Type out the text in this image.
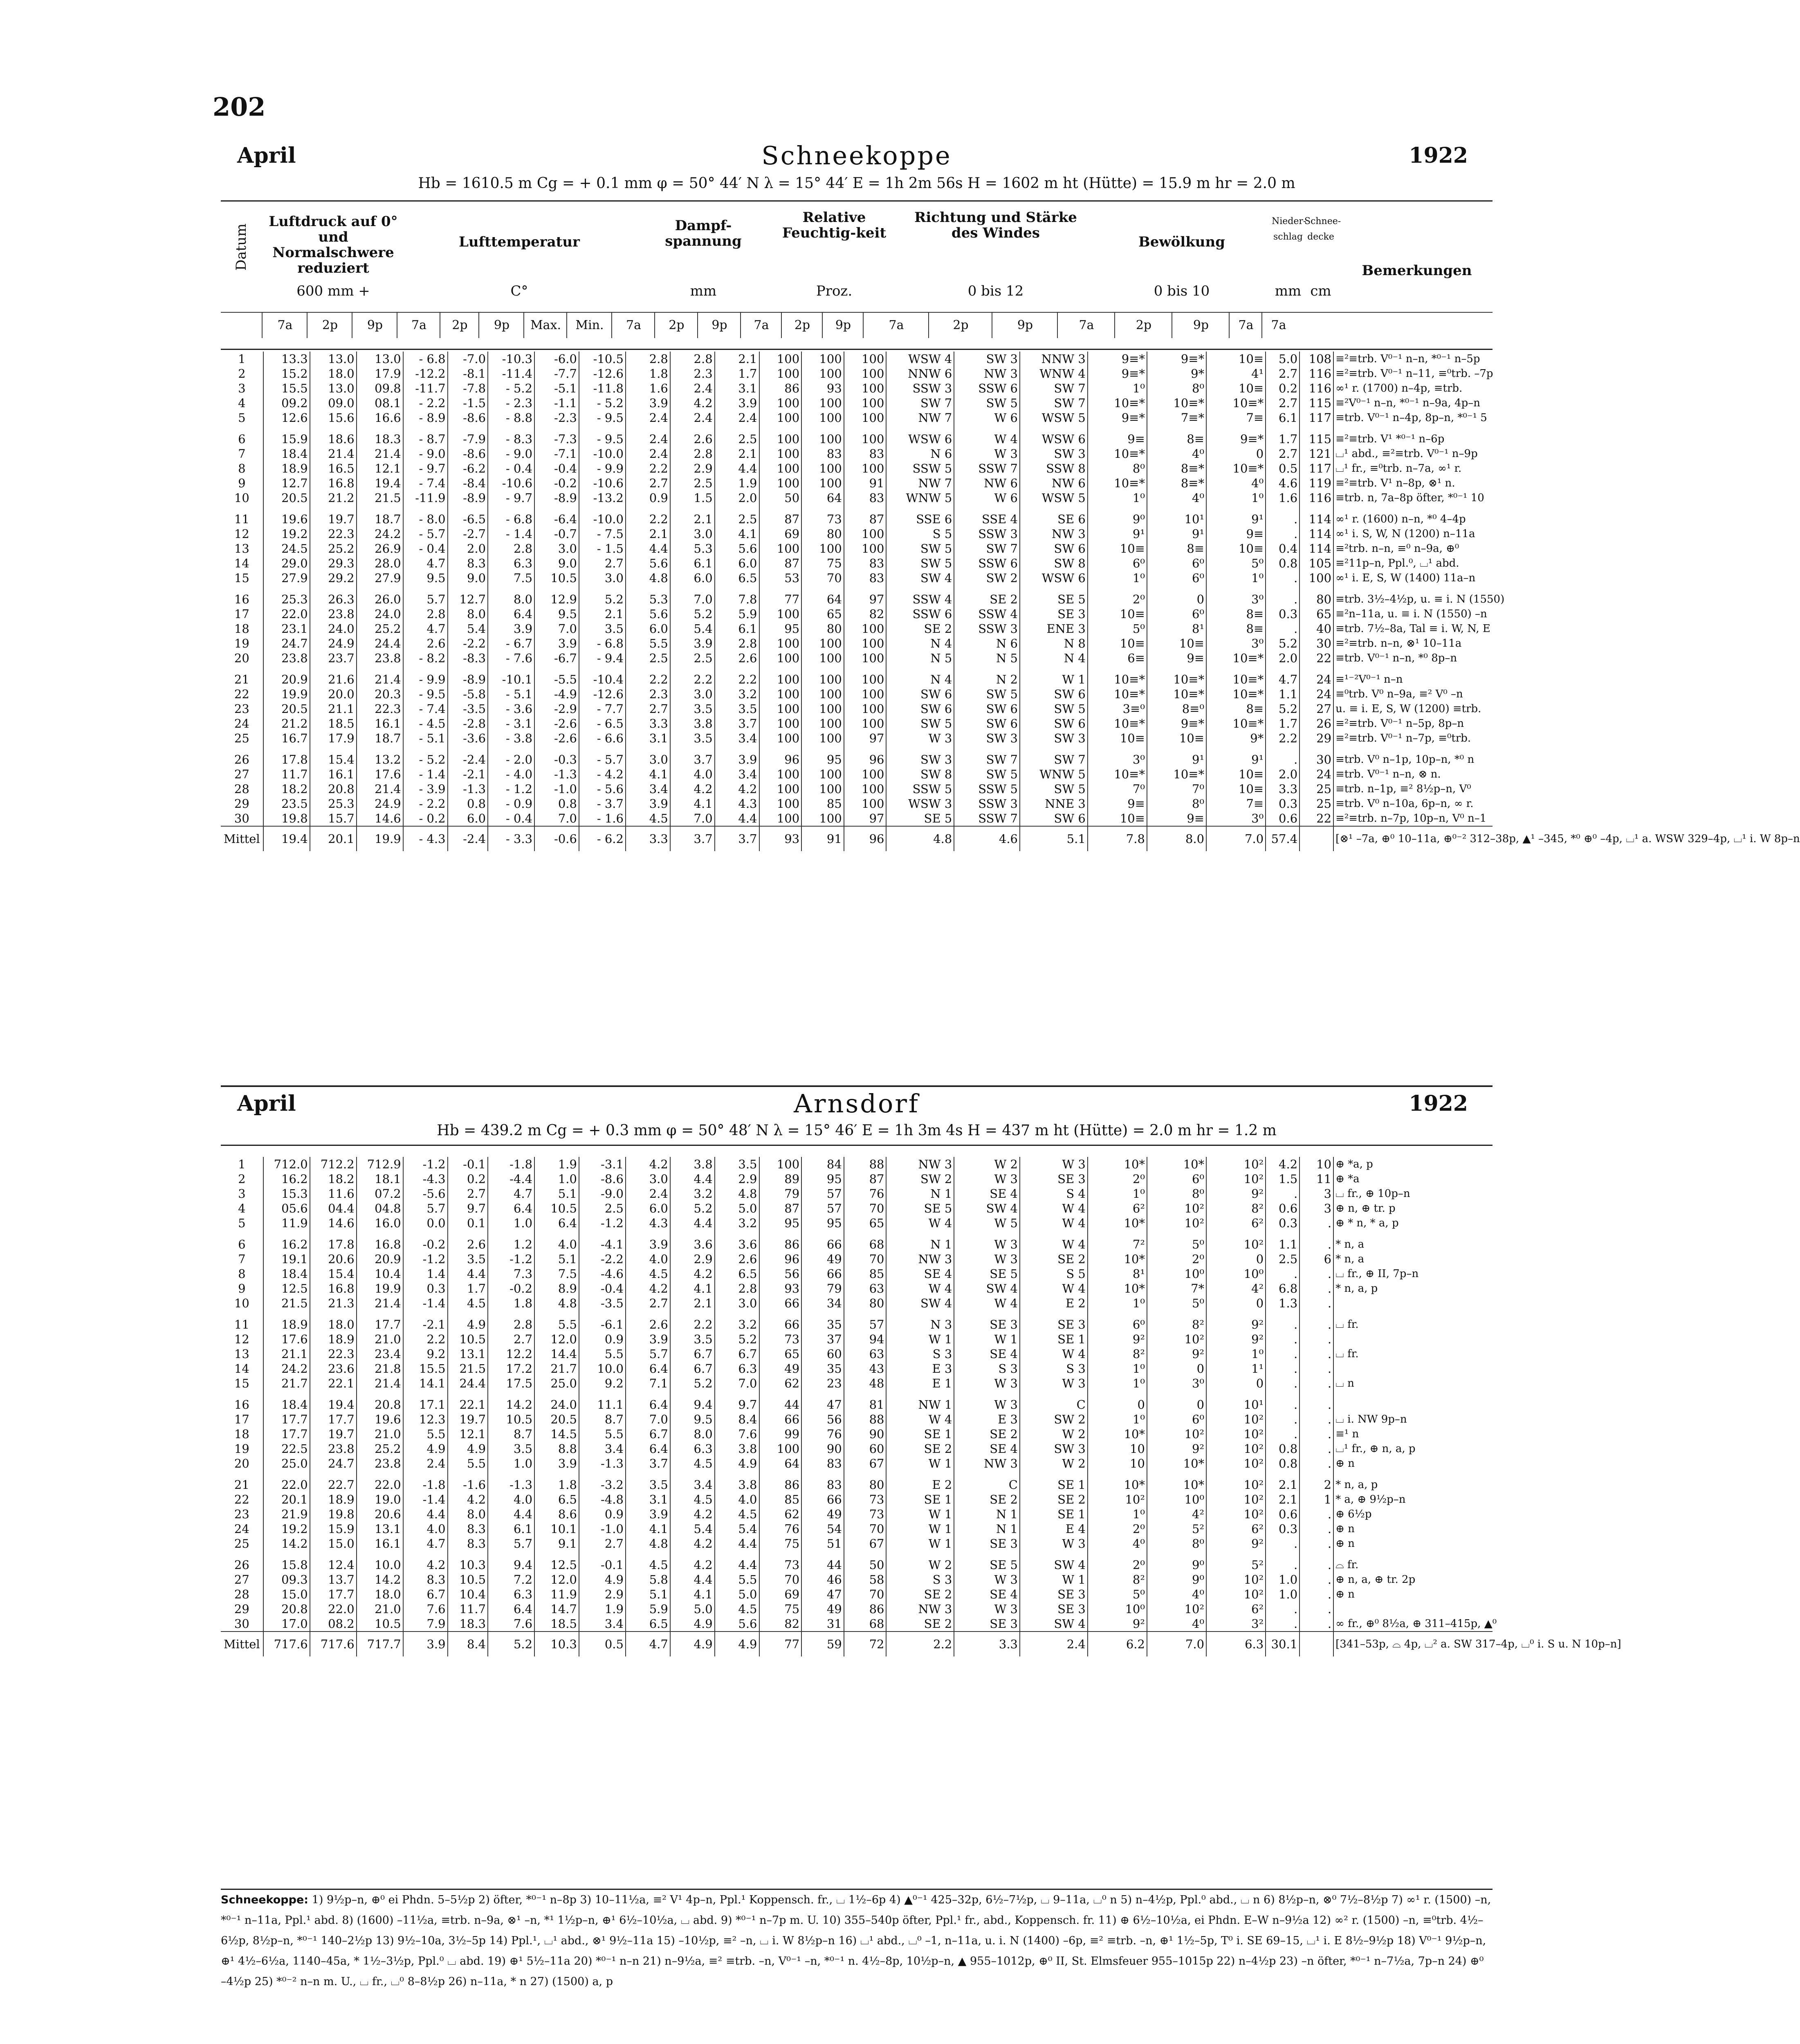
202
April	Schneekoppe	1922
Hb = 1610.5 m Cg = + 0.1 mm φ = 50° 44′ N λ = 15° 44′ E = 1h 2m 56s H = 1602 m ht (Hütte) = 15.9 m hr = 2.0 m
Datum
Luftdruck auf 0° und Normalschwere reduziert
600 mm +
Lufttemperatur
C°
Dampf-spannung
mm
Relative Feuchtig-keit
Proz.
Richtung und Stärke des Windes
0 bis 12
Bewölkung
0 bis 10
Nieder-schlag
mm
Schnee-decke
cm
Bemerkungen
7a	2p	9p	7a	2p	9p	Max.	Min.	7a	2p	9p	7a	2p	9p	7a	2p	9p	7a	2p	9p	7a	7a
1	13.3	13.0	13.0	- 6.8	-7.0	-10.3	-6.0	-10.5	2.8	2.8	2.1	100	100	100	WSW 4	SW 3	NNW 3	9≡*	9≡*	10≡	5.0	108	≡²≡trb. V⁰⁻¹ n–n, *⁰⁻¹ n–5p
2	15.2	18.0	17.9	-12.2	-8.1	-11.4	-7.7	-12.6	1.8	2.3	1.7	100	100	100	NNW 6	NW 3	WNW 4	9≡*	9*	4¹	2.7	116	≡²≡trb. V⁰⁻¹ n–11, ≡⁰trb. –7p
3	15.5	13.0	09.8	-11.7	-7.8	- 5.2	-5.1	-11.8	1.6	2.4	3.1	86	93	100	SSW 3	SSW 6	SW 7	1⁰	8⁰	10≡	0.2	116	∞¹ r. (1700) n–4p, ≡trb.
4	09.2	09.0	08.1	- 2.2	-1.5	- 2.3	-1.1	- 5.2	3.9	4.2	3.9	100	100	100	SW 7	SW 5	SW 7	10≡*	10≡*	10≡*	2.7	115	≡²V⁰⁻¹ n–n, *⁰⁻¹ n–9a, 4p–n
5	12.6	15.6	16.6	- 8.9	-8.6	- 8.8	-2.3	- 9.5	2.4	2.4	2.4	100	100	100	NW 7	W 6	WSW 5	9≡*	7≡*	7≡	6.1	117	≡trb. V⁰⁻¹ n–4p, 8p–n, *⁰⁻¹ 5

6	15.9	18.6	18.3	- 8.7	-7.9	- 8.3	-7.3	- 9.5	2.4	2.6	2.5	100	100	100	WSW 6	W 4	WSW 6	9≡	8≡	9≡*	1.7	115	≡²≡trb. V¹ *⁰⁻¹ n–6p
7	18.4	21.4	21.4	- 9.0	-8.6	- 9.0	-7.1	-10.0	2.4	2.8	2.1	100	83	83	N 6	W 3	SW 3	10≡*	4⁰	0	2.7	121	⌴¹ abd., ≡²≡trb. V⁰⁻¹ n–9p
8	18.9	16.5	12.1	- 9.7	-6.2	- 0.4	-0.4	- 9.9	2.2	2.9	4.4	100	100	100	SSW 5	SSW 7	SSW 8	8⁰	8≡*	10≡*	0.5	117	⌴¹ fr., ≡⁰trb. n–7a, ∞¹ r.
9	12.7	16.8	19.4	- 7.4	-8.4	-10.6	-0.2	-10.6	2.7	2.5	1.9	100	100	91	NW 7	NW 6	NW 6	10≡*	8≡*	4⁰	4.6	119	≡²≡trb. V¹ n–8p, ⊗¹ n.
10	20.5	21.2	21.5	-11.9	-8.9	- 9.7	-8.9	-13.2	0.9	1.5	2.0	50	64	83	WNW 5	W 6	WSW 5	1⁰	4⁰	1⁰	1.6	116	≡trb. n, 7a–8p öfter, *⁰⁻¹ 10

11	19.6	19.7	18.7	- 8.0	-6.5	- 6.8	-6.4	-10.0	2.2	2.1	2.5	87	73	87	SSE 6	SSE 4	SE 6	9⁰	10¹	9¹	.	114	∞¹ r. (1600) n–n, *⁰ 4–4p
12	19.2	22.3	24.2	- 5.7	-2.7	- 1.4	-0.7	- 7.5	2.1	3.0	4.1	69	80	100	S 5	SSW 3	NW 3	9¹	9¹	9≡	.	114	∞¹ i. S, W, N (1200) n–11a
13	24.5	25.2	26.9	- 0.4	2.0	2.8	3.0	- 1.5	4.4	5.3	5.6	100	100	100	SW 5	SW 7	SW 6	10≡	8≡	10≡	0.4	114	≡²trb. n–n, ≡⁰ n–9a, ⊕⁰
14	29.0	29.3	28.0	4.7	8.3	6.3	9.0	2.7	5.6	6.1	6.0	87	75	83	SW 5	SSW 6	SW 8	6⁰	6⁰	5⁰	0.8	105	≡²11p–n, Ppl.⁰, ⌴¹ abd.
15	27.9	29.2	27.9	9.5	9.0	7.5	10.5	3.0	4.8	6.0	6.5	53	70	83	SW 4	SW 2	WSW 6	1⁰	6⁰	1⁰	.	100	∞¹ i. E, S, W (1400) 11a–n

16	25.3	26.3	26.0	5.7	12.7	8.0	12.9	5.2	5.3	7.0	7.8	77	64	97	SSW 4	SE 2	SE 5	2⁰	0	3⁰	.	80	≡trb. 3½–4½p, u. ≡ i. N (1550)
17	22.0	23.8	24.0	2.8	8.0	6.4	9.5	2.1	5.6	5.2	5.9	100	65	82	SSW 6	SSW 4	SE 3	10≡	6⁰	8≡	0.3	65	≡²n–11a, u. ≡ i. N (1550) –n
18	23.1	24.0	25.2	4.7	5.4	3.9	7.0	3.5	6.0	5.4	6.1	95	80	100	SE 2	SSW 3	ENE 3	5⁰	8¹	8≡	.	40	≡trb. 7½–8a, Tal ≡ i. W, N, E
19	24.7	24.9	24.4	2.6	-2.2	- 6.7	3.9	- 6.8	5.5	3.9	2.8	100	100	100	N 4	N 6	N 8	10≡	10≡	3⁰	5.2	30	≡²≡trb. n–n, ⊗¹ 10–11a
20	23.8	23.7	23.8	- 8.2	-8.3	- 7.6	-6.7	- 9.4	2.5	2.5	2.6	100	100	100	N 5	N 5	N 4	6≡	9≡	10≡*	2.0	22	≡trb. V⁰⁻¹ n–n, *⁰ 8p–n

21	20.9	21.6	21.4	- 9.9	-8.9	-10.1	-5.5	-10.4	2.2	2.2	2.2	100	100	100	N 4	N 2	W 1	10≡*	10≡*	10≡*	4.7	24	≡¹⁻²V⁰⁻¹ n–n
22	19.9	20.0	20.3	- 9.5	-5.8	- 5.1	-4.9	-12.6	2.3	3.0	3.2	100	100	100	SW 6	SW 5	SW 6	10≡*	10≡*	10≡*	1.1	24	≡⁰trb. V⁰ n–9a, ≡² V⁰ –n
23	20.5	21.1	22.3	- 7.4	-3.5	- 3.6	-2.9	- 7.7	2.7	3.5	3.5	100	100	100	SW 6	SW 6	SW 5	3≡⁰	8≡⁰	8≡	5.2	27	u. ≡ i. E, S, W (1200) ≡trb.
24	21.2	18.5	16.1	- 4.5	-2.8	- 3.1	-2.6	- 6.5	3.3	3.8	3.7	100	100	100	SW 5	SW 6	SW 6	10≡*	9≡*	10≡*	1.7	26	≡²≡trb. V⁰⁻¹ n–5p, 8p–n
25	16.7	17.9	18.7	- 5.1	-3.6	- 3.8	-2.6	- 6.6	3.1	3.5	3.4	100	100	97	W 3	SW 3	SW 3	10≡	10≡	9*	2.2	29	≡²≡trb. V⁰⁻¹ n–7p, ≡⁰trb.

26	17.8	15.4	13.2	- 5.2	-2.4	- 2.0	-0.3	- 5.7	3.0	3.7	3.9	96	95	96	SW 3	SW 7	SW 7	3⁰	9¹	9¹	.	30	≡trb. V⁰ n–1p, 10p–n, *⁰ n
27	11.7	16.1	17.6	- 1.4	-2.1	- 4.0	-1.3	- 4.2	4.1	4.0	3.4	100	100	100	SW 8	SW 5	WNW 5	10≡*	10≡*	10≡	2.0	24	≡trb. V⁰⁻¹ n–n, ⊗ n.
28	18.2	20.8	21.4	- 3.9	-1.3	- 1.2	-1.0	- 5.6	3.4	4.2	4.2	100	100	100	SSW 5	SSW 5	SW 5	7⁰	7⁰	10≡	3.3	25	≡trb. n–1p, ≡² 8½p–n, V⁰
29	23.5	25.3	24.9	- 2.2	0.8	- 0.9	0.8	- 3.7	3.9	4.1	4.3	100	85	100	WSW 3	SSW 3	NNE 3	9≡	8⁰	7≡	0.3	25	≡trb. V⁰ n–10a, 6p–n, ∞ r.
30	19.8	15.7	14.6	- 0.2	6.0	- 0.4	7.0	- 1.6	4.5	7.0	4.4	100	100	97	SE 5	SSW 7	SW 6	10≡	9≡	3⁰	0.6	22	≡²≡trb. n–7p, 10p–n, V⁰ n–1
Mittel	19.4	20.1	19.9	- 4.3	-2.4	- 3.3	-0.6	- 6.2	3.3	3.7	3.7	93	91	96	4.8	4.6	5.1	7.8	8.0	7.0	57.4		[⊗¹ –7a, ⊕⁰ 10–11a, ⊕⁰⁻² 312–38p, ▲¹ –345, *⁰ ⊕⁰ –4p, ⌴¹ a. WSW 329–4p, ⌴¹ i. W 8p–n
April	Arnsdorf	1922
Hb = 439.2 m Cg = + 0.3 mm φ = 50° 48′ N λ = 15° 46′ E = 1h 3m 4s H = 437 m ht (Hütte) = 2.0 m hr = 1.2 m
1	712.0	712.2	712.9	-1.2	-0.1	-1.8	1.9	-3.1	4.2	3.8	3.5	100	84	88	NW 3	W 2	W 3	10*	10*	10²	4.2	10	⊕ *a, p
2	16.2	18.2	18.1	-4.3	0.2	-4.4	1.0	-8.6	3.0	4.4	2.9	89	95	87	SW 2	W 3	SE 3	2⁰	6⁰	10²	1.5	11	⊕ *a
3	15.3	11.6	07.2	-5.6	2.7	4.7	5.1	-9.0	2.4	3.2	4.8	79	57	76	N 1	SE 4	S 4	1⁰	8⁰	9²	.	3	⌴ fr., ⊕ 10p–n
4	05.6	04.4	04.8	5.7	9.7	6.4	10.5	2.5	6.0	5.2	5.0	87	57	70	SE 5	SW 4	W 4	6²	10²	8²	0.6	3	⊕ n, ⊕ tr. p
5	11.9	14.6	16.0	0.0	0.1	1.0	6.4	-1.2	4.3	4.4	3.2	95	95	65	W 4	W 5	W 4	10*	10²	6²	0.3	.	⊕ * n, * a, p

6	16.2	17.8	16.8	-0.2	2.6	1.2	4.0	-4.1	3.9	3.6	3.6	86	66	68	N 1	W 3	W 4	7²	5⁰	10²	1.1	.	* n, a
7	19.1	20.6	20.9	-1.2	3.5	-1.2	5.1	-2.2	4.0	2.9	2.6	96	49	70	NW 3	W 3	SE 2	10*	2⁰	0	2.5	6	* n, a
8	18.4	15.4	10.4	1.4	4.4	7.3	7.5	-4.6	4.5	4.2	6.5	56	66	85	SE 4	SE 5	S 5	8¹	10⁰	10⁰	.	.	⌴ fr., ⊕ II, 7p–n
9	12.5	16.8	19.9	0.3	1.7	-0.2	8.9	-0.4	4.2	4.1	2.8	93	79	63	W 4	SW 4	W 4	10*	7*	4²	6.8	.	* n, a, p
10	21.5	21.3	21.4	-1.4	4.5	1.8	4.8	-3.5	2.7	2.1	3.0	66	34	80	SW 4	W 4	E 2	1⁰	5⁰	0	1.3	.	

11	18.9	18.0	17.7	-2.1	4.9	2.8	5.5	-6.1	2.6	2.2	3.2	66	35	57	N 3	SE 3	SE 3	6⁰	8²	9²	.	.	⌴ fr.
12	17.6	18.9	21.0	2.2	10.5	2.7	12.0	0.9	3.9	3.5	5.2	73	37	94	W 1	W 1	SE 1	9²	10²	9²	.	.	
13	21.1	22.3	23.4	9.2	13.1	12.2	14.4	5.5	5.7	6.7	6.7	65	60	63	S 3	SE 4	W 4	8²	9²	1⁰	.	.	⌴ fr.
14	24.2	23.6	21.8	15.5	21.5	17.2	21.7	10.0	6.4	6.7	6.3	49	35	43	E 3	S 3	S 3	1⁰	0	1¹	.	.	
15	21.7	22.1	21.4	14.1	24.4	17.5	25.0	9.2	7.1	5.2	7.0	62	23	48	E 1	W 3	W 3	1⁰	3⁰	0	.	.	⌴ n

16	18.4	19.4	20.8	17.1	22.1	14.2	24.0	11.1	6.4	9.4	9.7	44	47	81	NW 1	W 3	C	0	0	10¹	.	.	
17	17.7	17.7	19.6	12.3	19.7	10.5	20.5	8.7	7.0	9.5	8.4	66	56	88	W 4	E 3	SW 2	1⁰	6⁰	10²	.	.	⌴ i. NW 9p–n
18	17.7	19.7	21.0	5.5	12.1	8.7	14.5	5.5	6.7	8.0	7.6	99	76	90	SE 1	SE 2	W 2	10*	10²	10²	.	.	≡¹ n
19	22.5	23.8	25.2	4.9	4.9	3.5	8.8	3.4	6.4	6.3	3.8	100	90	60	SE 2	SE 4	SW 3	10	9²	10²	0.8	.	⌴¹ fr., ⊕ n, a, p
20	25.0	24.7	23.8	2.4	5.5	1.0	3.9	-1.3	3.7	4.5	4.9	64	83	67	W 1	NW 3	W 2	10	10*	10²	0.8	.	⊕ n

21	22.0	22.7	22.0	-1.8	-1.6	-1.3	1.8	-3.2	3.5	3.4	3.8	86	83	80	E 2	C	SE 1	10*	10*	10²	2.1	2	* n, a, p
22	20.1	18.9	19.0	-1.4	4.2	4.0	6.5	-4.8	3.1	4.5	4.0	85	66	73	SE 1	SE 2	SE 2	10²	10⁰	10²	2.1	1	* a, ⊕ 9½p–n
23	21.9	19.8	20.6	4.4	8.0	4.4	8.6	0.9	3.9	4.2	4.5	62	49	73	W 1	N 1	SE 1	1⁰	4²	10²	0.6	.	⊕ 6½p
24	19.2	15.9	13.1	4.0	8.3	6.1	10.1	-1.0	4.1	5.4	5.4	76	54	70	W 1	N 1	E 4	2⁰	5²	6²	0.3	.	⊕ n
25	14.2	15.0	16.1	4.7	8.3	5.7	9.1	2.7	4.8	4.2	4.4	75	51	67	W 1	SE 3	W 3	4⁰	8⁰	9²	.	.	⊕ n

26	15.8	12.4	10.0	4.2	10.3	9.4	12.5	-0.1	4.5	4.2	4.4	73	44	50	W 2	SE 5	SW 4	2⁰	9⁰	5²	.	.	⌓ fr.
27	09.3	13.7	14.2	8.3	10.5	7.2	12.0	4.9	5.8	4.4	5.5	70	46	58	S 3	W 3	W 1	8²	9⁰	10²	1.0	.	⊕ n, a, ⊕ tr. 2p
28	15.0	17.7	18.0	6.7	10.4	6.3	11.9	2.9	5.1	4.1	5.0	69	47	70	SE 2	SE 4	SE 3	5⁰	4⁰	10²	1.0	.	⊕ n
29	20.8	22.0	21.0	7.6	11.7	6.4	14.7	1.9	5.9	5.0	4.5	75	49	86	NW 3	W 3	SE 3	10⁰	10²	6²	.	.	
30	17.0	08.2	10.5	7.9	18.3	7.6	18.5	3.4	6.5	4.9	5.6	82	31	68	SE 2	SE 3	SW 4	9²	4⁰	3²	.	.	∞ fr., ⊕⁰ 8½a, ⊕ 311–415p, ▲⁰
Mittel	717.6	717.6	717.7	3.9	8.4	5.2	10.3	0.5	4.7	4.9	4.9	77	59	72	2.2	3.3	2.4	6.2	7.0	6.3	30.1		[341–53p, ⌓ 4p, ⌴² a. SW 317–4p, ⌴⁰ i. S u. N 10p–n]
Schneekoppe: 1) 9½p–n, ⊕⁰ ei Phdn. 5–5½p 2) öfter, *⁰⁻¹ n–8p 3) 10–11½a, ≡² V¹ 4p–n, Ppl.¹ Koppensch. fr., ⌴ 1½–6p 4) ▲⁰⁻¹ 425–32p, 6½–7½p, ⌴ 9–11a, ⌴⁰ n 5) n–4½p, Ppl.⁰ abd., ⌴ n 6) 8½p–n, ⊗⁰ 7½–8½p 7) ∞¹ r. (1500) –n, *⁰⁻¹ n–11a, Ppl.¹ abd. 8) (1600) –11½a, ≡trb. n–9a, ⊗¹ –n, *¹ 1½p–n, ⊕¹ 6½–10½a, ⌴ abd. 9) *⁰⁻¹ n–7p m. U. 10) 355–540p öfter, Ppl.¹ fr., abd., Koppensch. fr. 11) ⊕ 6½–10½a, ei Phdn. E–W n–9½a 12) ∞² r. (1500) –n, ≡⁰trb. 4½–6½p, 8½p–n, *⁰⁻¹ 140–2½p 13) 9½–10a, 3½–5p 14) Ppl.¹, ⌴¹ abd., ⊗¹ 9½–11a 15) –10½p, ≡² –n, ⌴ i. W 8½p–n 16) ⌴¹ abd., ⌴⁰ –1, n–11a, u. i. N (1400) –6p, ≡² ≡trb. –n, ⊕¹ 1½–5p, T⁰ i. SE 69–15, ⌴¹ i. E 8½–9½p 18) V⁰⁻¹ 9½p–n, ⊕¹ 4½–6½a, 1140–45a, * 1½–3½p, Ppl.⁰ ⌴ abd. 19) ⊕¹ 5½–11a 20) *⁰⁻¹ n–n 21) n–9½a, ≡² ≡trb. –n, V⁰⁻¹ –n, *⁰⁻¹ n. 4½–8p, 10½p–n, ▲ 955–1012p, ⊕⁰ II, St. Elmsfeuer 955–1015p 22) n–4½p 23) –n öfter, *⁰⁻¹ n–7½a, 7p–n 24) ⊕⁰ –4½p 25) *⁰⁻² n–n m. U., ⌴ fr., ⌴⁰ 8–8½p 26) n–11a, * n 27) (1500) a, p
